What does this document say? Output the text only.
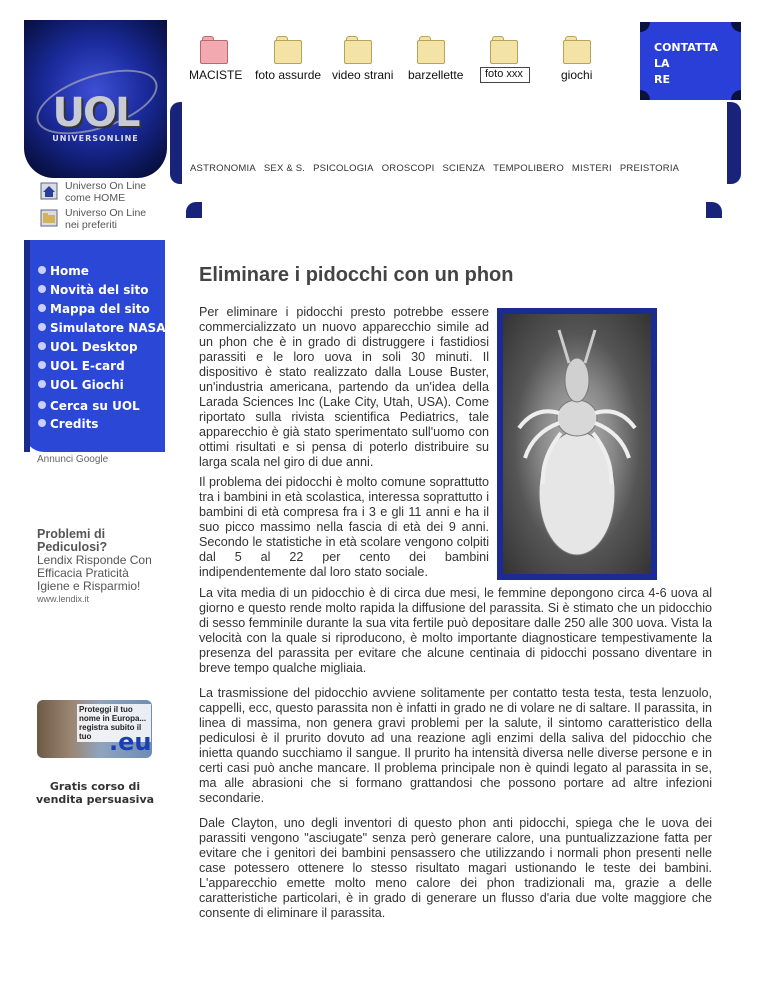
UOL
UNIVERSONLINE
MACISTE foto assurde video strani barzellette foto xxx	giochi
CONTATTA
LA
RE
ASTRONOMIA SEX & S. PSICOLOGIA OROSCOPI SCIENZA TEMPOLIBERO MISTERI PREISTORIA
Universo On Line
come HOME
Universo On Line
nei preferiti
Home
Novità del sito
Mappa del sito
Simulatore NASA®
UOL Desktop
UOL E-card
UOL Giochi
Cerca su UOL
Credits
Annunci Google
Problemi di Pediculosi?
Lendix Risponde Con Efficacia Praticità Igiene e Risparmio!
www.lendix.it
Proteggi il tuo nome in Europa... registra subito il tuo .eu
Gratis corso di vendita persuasiva
Eliminare i pidocchi con un phon
Per eliminare i pidocchi presto potrebbe essere commercializzato un nuovo apparecchio simile ad un phon che è in grado di distruggere i fastidiosi parassiti e le loro uova in soli 30 minuti. Il dispositivo è stato realizzato dalla Louse Buster, un'industria americana, partendo da un'idea della Larada Sciences Inc (Lake City, Utah, USA). Come riportato sulla rivista scientifica Pediatrics, tale apparecchio è già stato sperimentato sull'uomo con ottimi risultati e si pensa di poterlo distribuire su larga scala nel giro di due anni.
Il problema dei pidocchi è molto comune soprattutto tra i bambini in età scolastica, interessa soprattutto i bambini di età compresa fra i 3 e gli 11 anni e ha il suo picco massimo nella fascia di età dei 9 anni. Secondo le statistiche in età scolare vengono colpiti dal 5 al 22 per cento dei bambini indipendentemente dal loro stato sociale.
La vita media di un pidocchio è di circa due mesi, le femmine depongono circa 4-6 uova al giorno e questo rende molto rapida la diffusione del parassita. Si è stimato che un pidocchio di sesso femminile durante la sua vita fertile può depositare dalle 250 alle 300 uova. Vista la velocità con la quale si riproducono, è molto importante diagnosticare tempestivamente la presenza del parassita per evitare che alcune centinaia di pidocchi possano diventare in breve tempo qualche migliaia.
La trasmissione del pidocchio avviene solitamente per contatto testa testa, testa lenzuolo, cappelli, ecc, questo parassita non è infatti in grado ne di volare ne di saltare. Il parassita, in linea di massima, non genera gravi problemi per la salute, il sintomo caratteristico della pediculosi è il prurito dovuto ad una reazione agli enzimi della saliva del pidocchio che inietta quando succhiamo il sangue. Il prurito ha intensità diversa nelle diverse persone e in certi casi può anche mancare. Il problema principale non è quindi legato al parassita in se, ma alle abrasioni che si formano grattandosi che possono portare ad altre infezioni secondarie.
Dale Clayton, uno degli inventori di questo phon anti pidocchi, spiega che le uova dei parassiti vengono "asciugate" senza però generare calore, una puntualizzazione fatta per evitare che i genitori dei bambini pensassero che utilizzando i normali phon presenti nelle case potessero ottenere lo stesso risultato magari ustionando le teste dei bambini. L'apparecchio emette molto meno calore dei phon tradizionali ma, grazie a delle caratteristiche particolari, è in grado di generare un flusso d'aria due volte maggiore che consente di eliminare il parassita.
